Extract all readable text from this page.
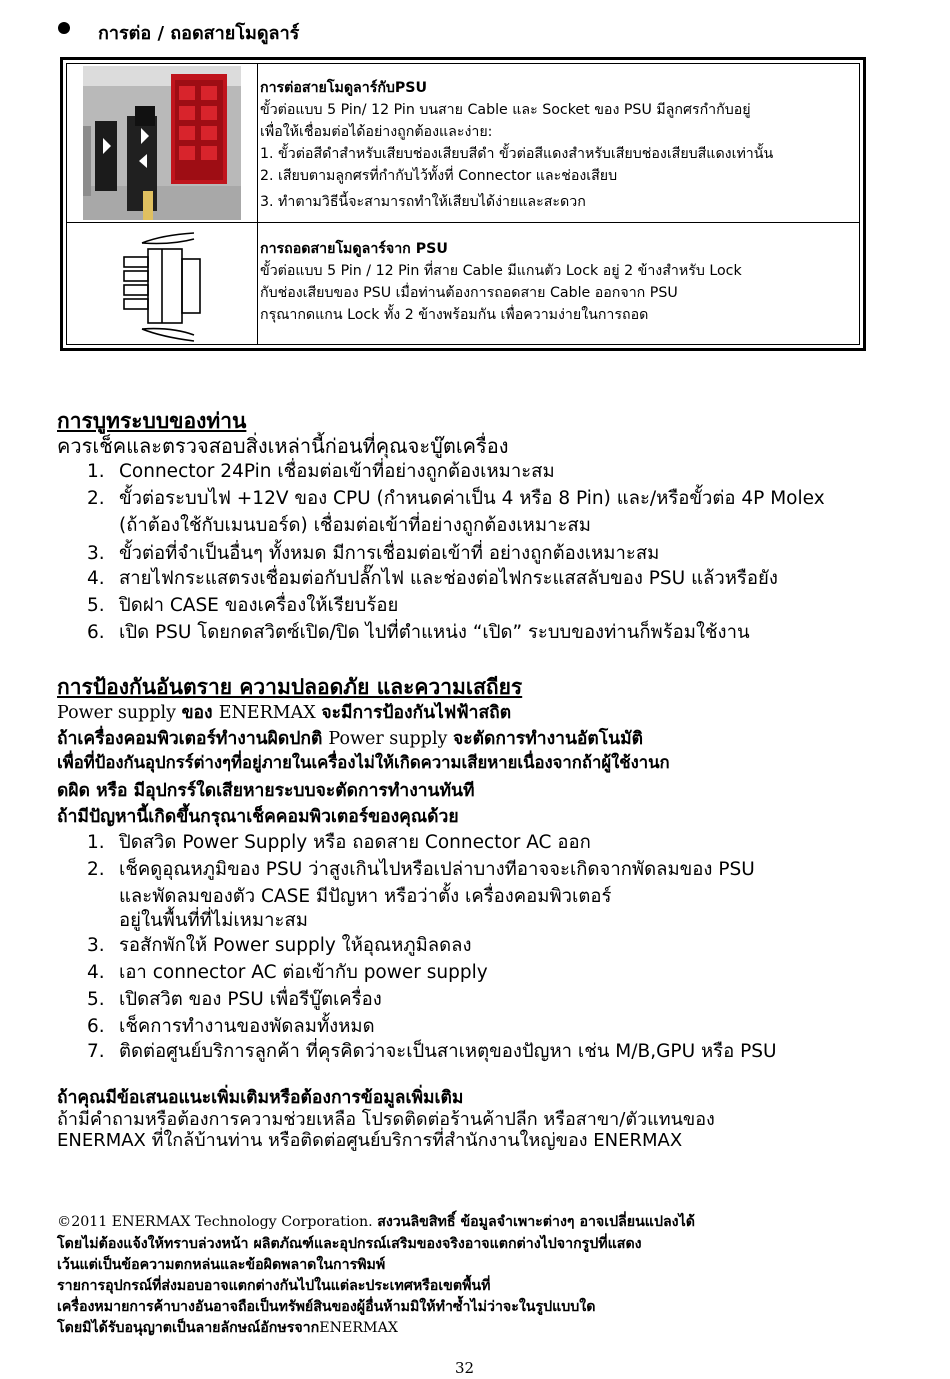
การต่อ / ถอดสายโมดูลาร์
การต่อสายโมดูลาร์กับPSU
ขั้วต่อแบบ 5 Pin/ 12 Pin บนสาย Cable และ Socket ของ PSU มีลูกศรกำกับอยู่
เพื่อให้เชื่อมต่อได้อย่างถูกต้องและง่าย:
1. ขั้วต่อสีดำสำหรับเสียบช่องเสียบสีดำ ขั้วต่อสีแดงสำหรับเสียบช่องเสียบสีแดงเท่านั้น
2. เสียบตามลูกศรที่กำกับไว้ทั้งที่ Connector และช่องเสียบ
3. ทำตามวิธีนี้จะสามารถทำให้เสียบได้ง่ายและสะดวก
การถอดสายโมดูลาร์จาก PSU
ขั้วต่อแบบ 5 Pin / 12 Pin ที่สาย Cable มีแกนตัว Lock อยู่ 2 ข้างสำหรับ Lock
กับช่องเสียบของ PSU เมื่อท่านต้องการถอดสาย Cable ออกจาก PSU
กรุณากดแกน Lock ทั้ง 2 ข้างพร้อมกัน เพื่อความง่ายในการถอด
การบูทระบบของท่าน
ควรเช็คและตรวจสอบสิ่งเหล่านี้ก่อนที่คุณจะบู๊ตเครื่อง
1. Connector 24Pin เชื่อมต่อเข้าที่อย่างถูกต้องเหมาะสม
2. ขั้วต่อระบบไฟ +12V ของ CPU (กำหนดค่าเป็น 4 หรือ 8 Pin) และ/หรือขั้วต่อ 4P Molex
(ถ้าต้องใช้กับเมนบอร์ด) เชื่อมต่อเข้าที่อย่างถูกต้องเหมาะสม
3. ขั้วต่อที่จำเป็นอื่นๆ ทั้งหมด มีการเชื่อมต่อเข้าที่ อย่างถูกต้องเหมาะสม
4. สายไฟกระแสตรงเชื่อมต่อกับปลั๊กไฟ และช่องต่อไฟกระแสสลับของ PSU แล้วหรือยัง
5. ปิดฝา CASE ของเครื่องให้เรียบร้อย
6. เปิด PSU โดยกดสวิตซ์เปิด/ปิด ไปที่ตำแหน่ง “เปิด” ระบบของท่านก็พร้อมใช้งาน
การป้องกันอันตราย ความปลอดภัย และความเสถียร
Power supply ของ ENERMAX จะมีการป้องกันไฟฟ้าสถิต
ถ้าเครื่องคอมพิวเตอร์ทำงานผิดปกติ Power supply จะตัดการทำงานอัตโนมัติ
เพื่อที่ป้องกันอุปกรร์ต่างๆที่อยู่ภายในเครื่องไม่ให้เกิดความเสียหายเนื่องจากถ้าผู้ใช้งานก
ดผิด หรือ มีอุปกรร์ใดเสียหายระบบจะตัดการทำงานทันที
ถ้ามีปัญหานี้เกิดขึ้นกรุณาเช็คคอมพิวเตอร์ของคุณด้วย
1. ปิดสวิด Power Supply หรือ ถอดสาย Connector AC ออก
2. เช็คดูอุณหภูมิของ PSU ว่าสูงเกินไปหรือเปล่าบางทีอาจจะเกิดจากพัดลมของ PSU
และพัดลมของตัว CASE มีปัญหา หรือว่าตั้ง เครื่องคอมพิวเตอร์
อยู่ในพื้นที่ที่ไม่เหมาะสม
3. รอสักพักให้ Power supply ให้อุณหภูมิลดลง
4. เอา connector AC ต่อเข้ากับ power supply
5. เปิดสวิต ของ PSU เพื่อรีบู๊ตเครื่อง
6. เช็คการทำงานของพัดลมทั้งหมด
7. ติดต่อศูนย์บริการลูกค้า ที่คุรคิดว่าจะเป็นสาเหตุของปัญหา เช่น M/B,GPU หรือ PSU
ถ้าคุณมีข้อเสนอแนะเพิ่มเติมหรือต้องการข้อมูลเพิ่มเติม
ถ้ามีคำถามหรือต้องการความช่วยเหลือ โปรดติดต่อร้านค้าปลีก หรือสาขา/ตัวแทนของ
ENERMAX ที่ใกล้บ้านท่าน หรือติดต่อศูนย์บริการที่สำนักงานใหญ่ของ ENERMAX
©2011 ENERMAX Technology Corporation. สงวนลิขสิทธิ์ ข้อมูลจำเพาะต่างๆ อาจเปลี่ยนแปลงได้
โดยไม่ต้องแจ้งให้ทราบล่วงหน้า ผลิตภัณฑ์และอุปกรณ์เสริมของจริงอาจแตกต่างไปจากรูปที่แสดง
เว้นแต่เป็นข้อความตกหล่นและข้อผิดพลาดในการพิมพ์
รายการอุปกรณ์ที่ส่งมอบอาจแตกต่างกันไปในแต่ละประเทศหรือเขตพื้นที่
เครื่องหมายการค้าบางอันอาจถือเป็นทรัพย์สินของผู้อื่นห้ามมิให้ทำซ้ำไม่ว่าจะในรูปแบบใด
โดยมิได้รับอนุญาตเป็นลายลักษณ์อักษรจากENERMAX
32
